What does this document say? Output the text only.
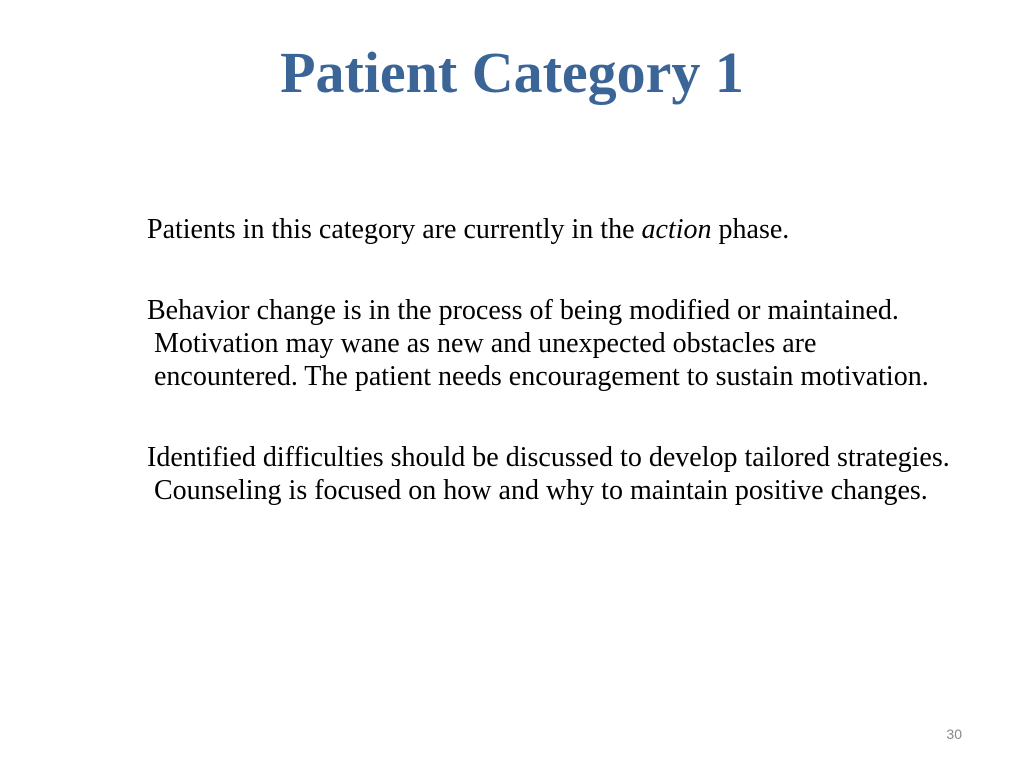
Patient Category 1

Patients in this category are currently in the action phase.

Behavior change is in the process of being modified or maintained. Motivation may wane as new and unexpected obstacles are encountered. The patient needs encouragement to sustain motivation.

Identified difficulties should be discussed to develop tailored strategies. Counseling is focused on how and why to maintain positive changes.

30
